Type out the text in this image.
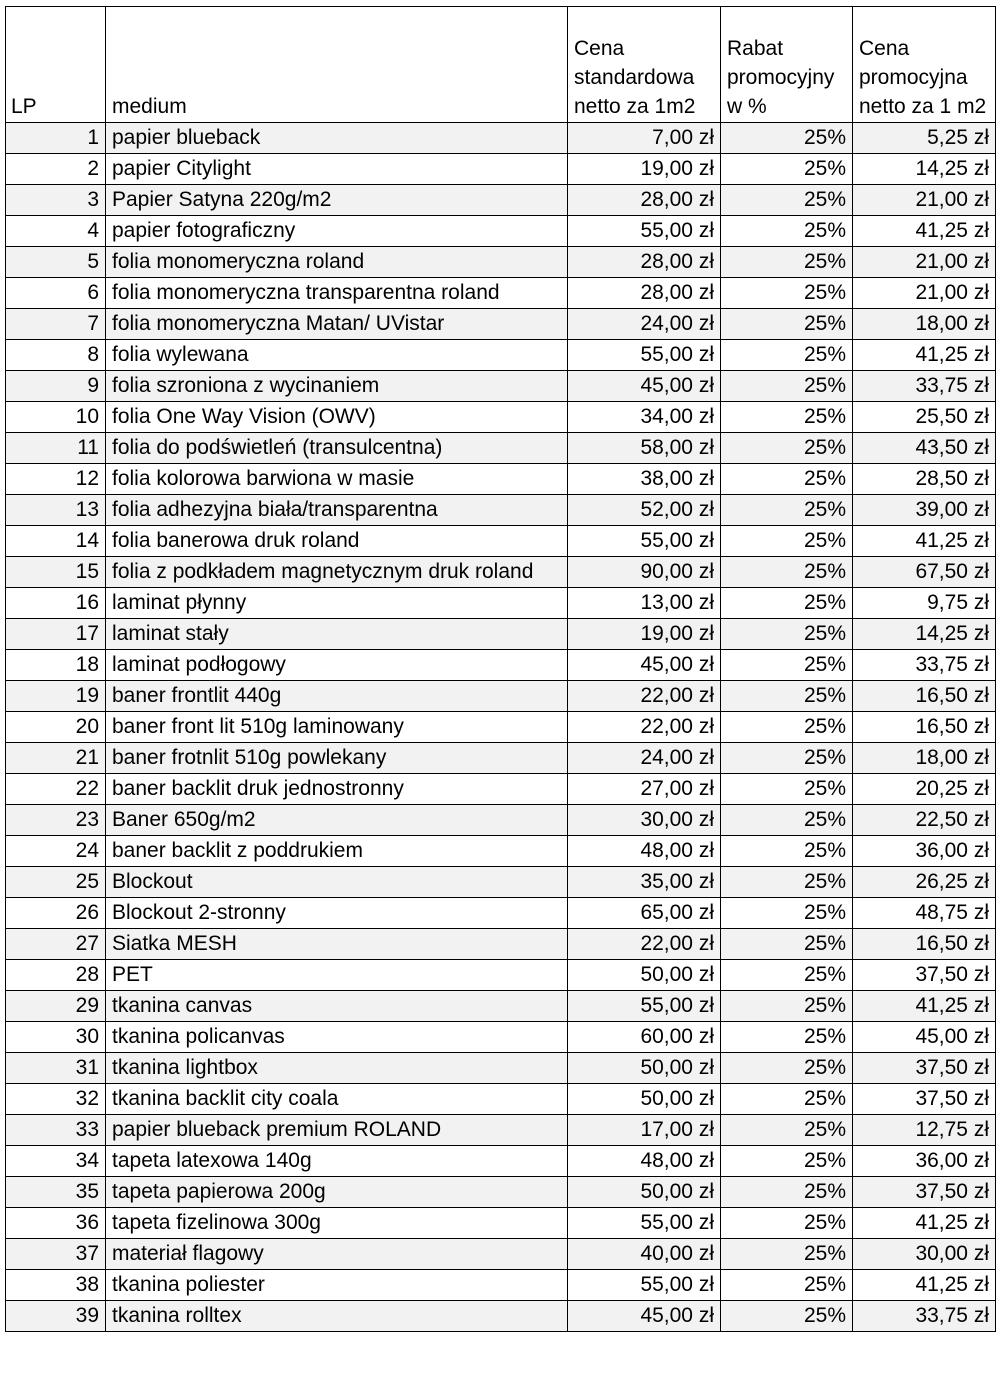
LP	medium	Cena standardowa netto za 1m2	Rabat promocyjny w %	Cena promocyjna netto za 1 m2
1	papier blueback	7,00 zł	25%	5,25 zł
2	papier Citylight	19,00 zł	25%	14,25 zł
3	Papier Satyna 220g/m2	28,00 zł	25%	21,00 zł
4	papier fotograficzny	55,00 zł	25%	41,25 zł
5	folia monomeryczna roland	28,00 zł	25%	21,00 zł
6	folia monomeryczna transparentna roland	28,00 zł	25%	21,00 zł
7	folia monomeryczna Matan/ UVistar	24,00 zł	25%	18,00 zł
8	folia wylewana	55,00 zł	25%	41,25 zł
9	folia szroniona z wycinaniem	45,00 zł	25%	33,75 zł
10	folia One Way Vision (OWV)	34,00 zł	25%	25,50 zł
11	folia do podświetleń (transulcentna)	58,00 zł	25%	43,50 zł
12	folia kolorowa barwiona w masie	38,00 zł	25%	28,50 zł
13	folia adhezyjna biała/transparentna	52,00 zł	25%	39,00 zł
14	folia banerowa druk roland	55,00 zł	25%	41,25 zł
15	folia z podkładem magnetycznym druk roland	90,00 zł	25%	67,50 zł
16	laminat płynny	13,00 zł	25%	9,75 zł
17	laminat stały	19,00 zł	25%	14,25 zł
18	laminat podłogowy	45,00 zł	25%	33,75 zł
19	baner frontlit 440g	22,00 zł	25%	16,50 zł
20	baner front lit 510g laminowany	22,00 zł	25%	16,50 zł
21	baner frotnlit 510g powlekany	24,00 zł	25%	18,00 zł
22	baner backlit druk jednostronny	27,00 zł	25%	20,25 zł
23	Baner 650g/m2	30,00 zł	25%	22,50 zł
24	baner backlit z poddrukiem	48,00 zł	25%	36,00 zł
25	Blockout	35,00 zł	25%	26,25 zł
26	Blockout 2-stronny	65,00 zł	25%	48,75 zł
27	Siatka MESH	22,00 zł	25%	16,50 zł
28	PET	50,00 zł	25%	37,50 zł
29	tkanina canvas	55,00 zł	25%	41,25 zł
30	tkanina policanvas	60,00 zł	25%	45,00 zł
31	tkanina lightbox	50,00 zł	25%	37,50 zł
32	tkanina backlit city coala	50,00 zł	25%	37,50 zł
33	papier blueback premium ROLAND	17,00 zł	25%	12,75 zł
34	tapeta latexowa 140g	48,00 zł	25%	36,00 zł
35	tapeta papierowa 200g	50,00 zł	25%	37,50 zł
36	tapeta fizelinowa 300g	55,00 zł	25%	41,25 zł
37	materiał flagowy	40,00 zł	25%	30,00 zł
38	tkanina poliester	55,00 zł	25%	41,25 zł
39	tkanina rolltex	45,00 zł	25%	33,75 zł
